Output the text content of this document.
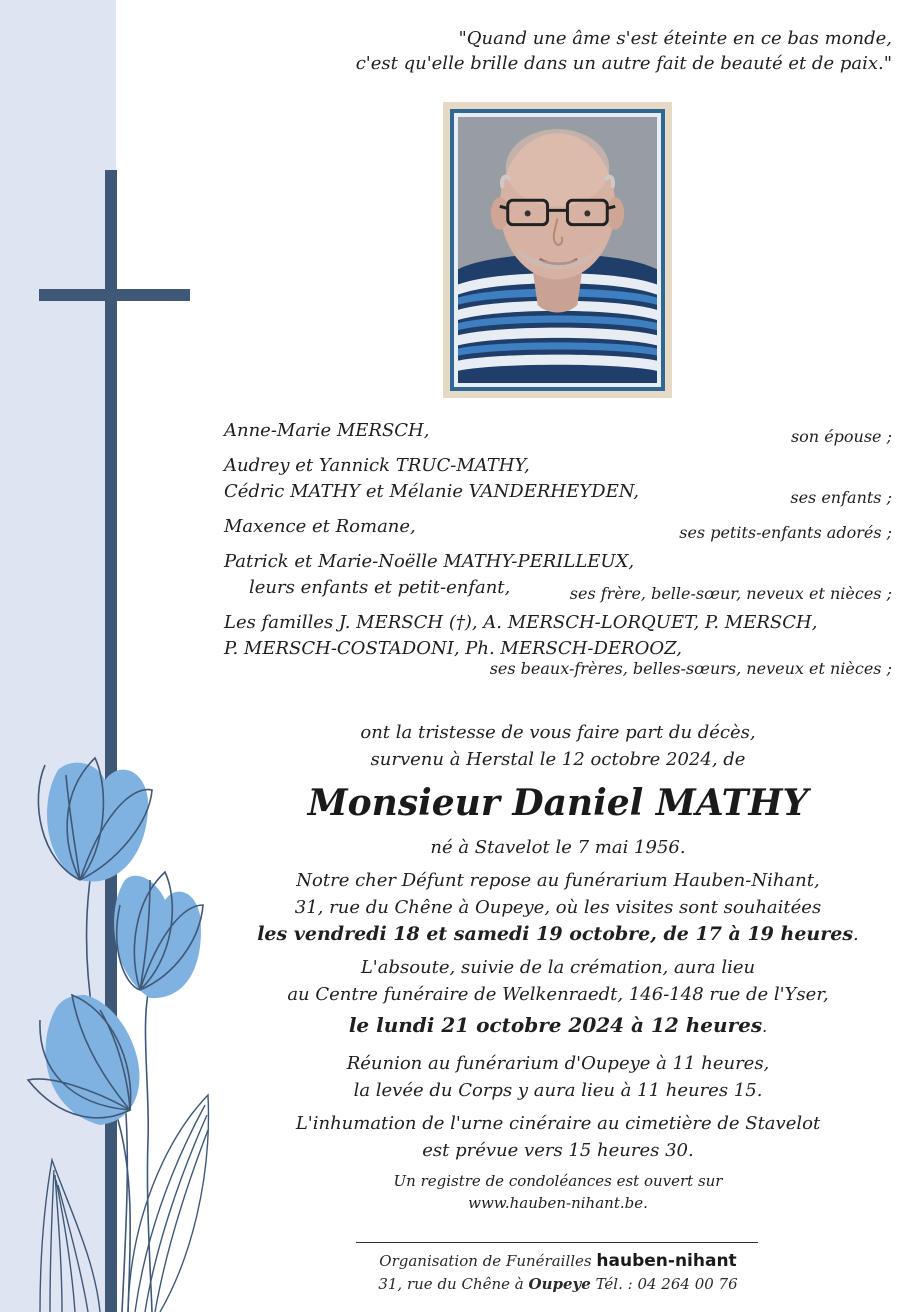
"Quand une âme s'est éteinte en ce bas monde,
c'est qu'elle brille dans un autre fait de beauté et de paix."
Anne-Marie MERSCH,	son épouse ;
Audrey et Yannick TRUC-MATHY,
Cédric MATHY et Mélanie VANDERHEYDEN,	ses enfants ;
Maxence et Romane,	ses petits-enfants adorés ;
Patrick et Marie-Noëlle MATHY-PERILLEUX,
leurs enfants et petit-enfant,	ses frère, belle-sœur, neveux et nièces ;
Les familles J. MERSCH (†), A. MERSCH-LORQUET, P. MERSCH,
P. MERSCH-COSTADONI, Ph. MERSCH-DEROOZ,
ses beaux-frères, belles-sœurs, neveux et nièces ;
ont la tristesse de vous faire part du décès,
survenu à Herstal le 12 octobre 2024, de
Monsieur Daniel MATHY
né à Stavelot le 7 mai 1956.
Notre cher Défunt repose au funérarium Hauben-Nihant,
31, rue du Chêne à Oupeye, où les visites sont souhaitées
les vendredi 18 et samedi 19 octobre, de 17 à 19 heures.
L'absoute, suivie de la crémation, aura lieu
au Centre funéraire de Welkenraedt, 146-148 rue de l'Yser,
le lundi 21 octobre 2024 à 12 heures.
Réunion au funérarium d'Oupeye à 11 heures,
la levée du Corps y aura lieu à 11 heures 15.
L'inhumation de l'urne cinéraire au cimetière de Stavelot
est prévue vers 15 heures 30.
Un registre de condoléances est ouvert sur
www.hauben-nihant.be.
Organisation de Funérailles hauben-nihant
31, rue du Chêne à Oupeye Tél. : 04 264 00 76
